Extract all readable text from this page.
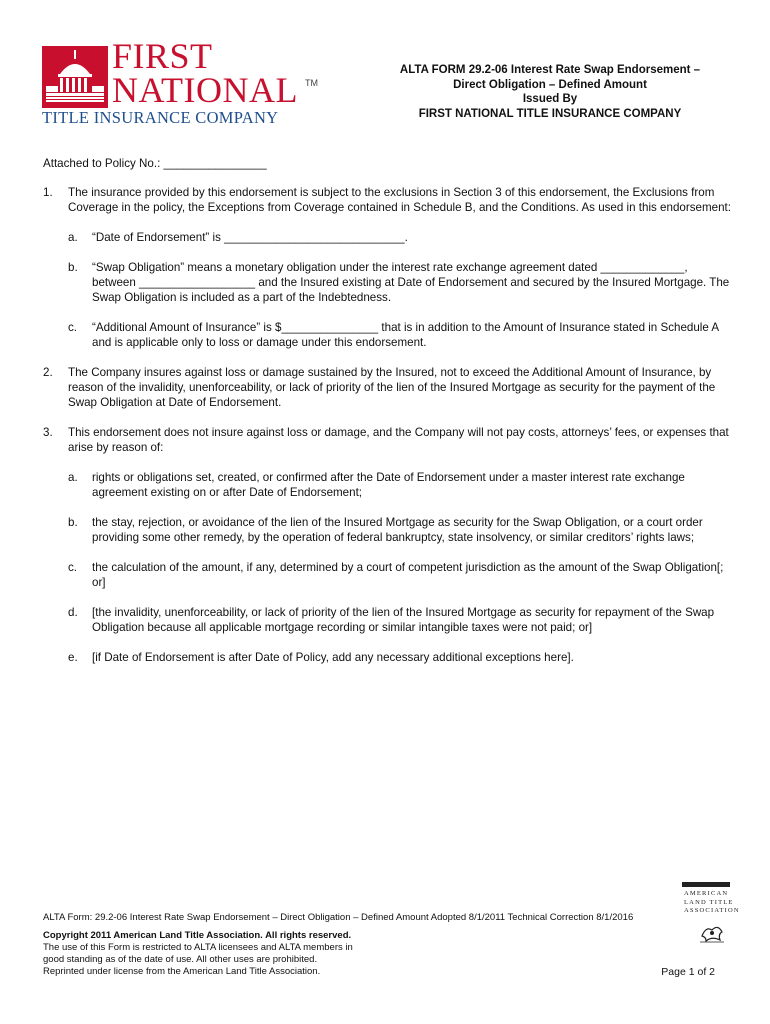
FIRST
NATIONAL TM
TITLE INSURANCE COMPANY
ALTA FORM 29.2-06 Interest Rate Swap Endorsement –
Direct Obligation – Defined Amount
Issued By
FIRST NATIONAL TITLE INSURANCE COMPANY

Attached to Policy No.: ________________

1. The insurance provided by this endorsement is subject to the exclusions in Section 3 of this endorsement, the Exclusions from Coverage in the policy, the Exceptions from Coverage contained in Schedule B, and the Conditions. As used in this endorsement:
a. “Date of Endorsement” is ____________________________.
b. “Swap Obligation” means a monetary obligation under the interest rate exchange agreement dated _____________, between __________________ and the Insured existing at Date of Endorsement and secured by the Insured Mortgage. The Swap Obligation is included as a part of the Indebtedness.
c. “Additional Amount of Insurance” is $_______________ that is in addition to the Amount of Insurance stated in Schedule A and is applicable only to loss or damage under this endorsement.
2. The Company insures against loss or damage sustained by the Insured, not to exceed the Additional Amount of Insurance, by reason of the invalidity, unenforceability, or lack of priority of the lien of the Insured Mortgage as security for the payment of the Swap Obligation at Date of Endorsement.
3. This endorsement does not insure against loss or damage, and the Company will not pay costs, attorneys’ fees, or expenses that arise by reason of:
a. rights or obligations set, created, or confirmed after the Date of Endorsement under a master interest rate exchange agreement existing on or after Date of Endorsement;
b. the stay, rejection, or avoidance of the lien of the Insured Mortgage as security for the Swap Obligation, or a court order providing some other remedy, by the operation of federal bankruptcy, state insolvency, or similar creditors’ rights laws;
c. the calculation of the amount, if any, determined by a court of competent jurisdiction as the amount of the Swap Obligation[; or]
d. [the invalidity, unenforceability, or lack of priority of the lien of the Insured Mortgage as security for repayment of the Swap Obligation because all applicable mortgage recording or similar intangible taxes were not paid; or]
e. [if Date of Endorsement is after Date of Policy, add any necessary additional exceptions here].
AMERICAN
LAND TITLE
ASSOCIATION
ALTA Form: 29.2-06 Interest Rate Swap Endorsement – Direct Obligation – Defined Amount Adopted 8/1/2011 Technical Correction 8/1/2016
Copyright 2011 American Land Title Association. All rights reserved.
The use of this Form is restricted to ALTA licensees and ALTA members in
good standing as of the date of use. All other uses are prohibited.
Reprinted under license from the American Land Title Association.	Page 1 of 2
